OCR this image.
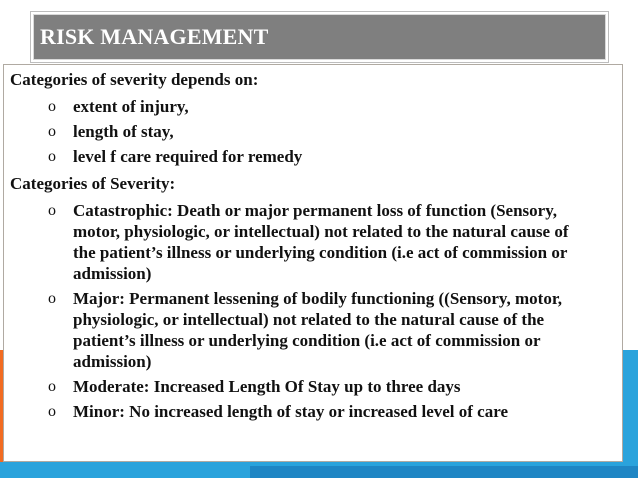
RISK MANAGEMENT
Categories of severity depends on:
o extent of injury,
o length of stay,
o level f care required for remedy
Categories of Severity:
o Catastrophic: Death or major permanent loss of function (Sensory, motor, physiologic, or intellectual) not related to the natural cause of the patient’s illness or underlying condition (i.e act of commission or admission)
o Major: Permanent lessening of bodily functioning ((Sensory, motor, physiologic, or intellectual) not related to the natural cause of the patient’s illness or underlying condition (i.e act of commission or admission)
o Moderate: Increased Length Of Stay up to three days
o Minor: No increased length of stay or increased level of care
